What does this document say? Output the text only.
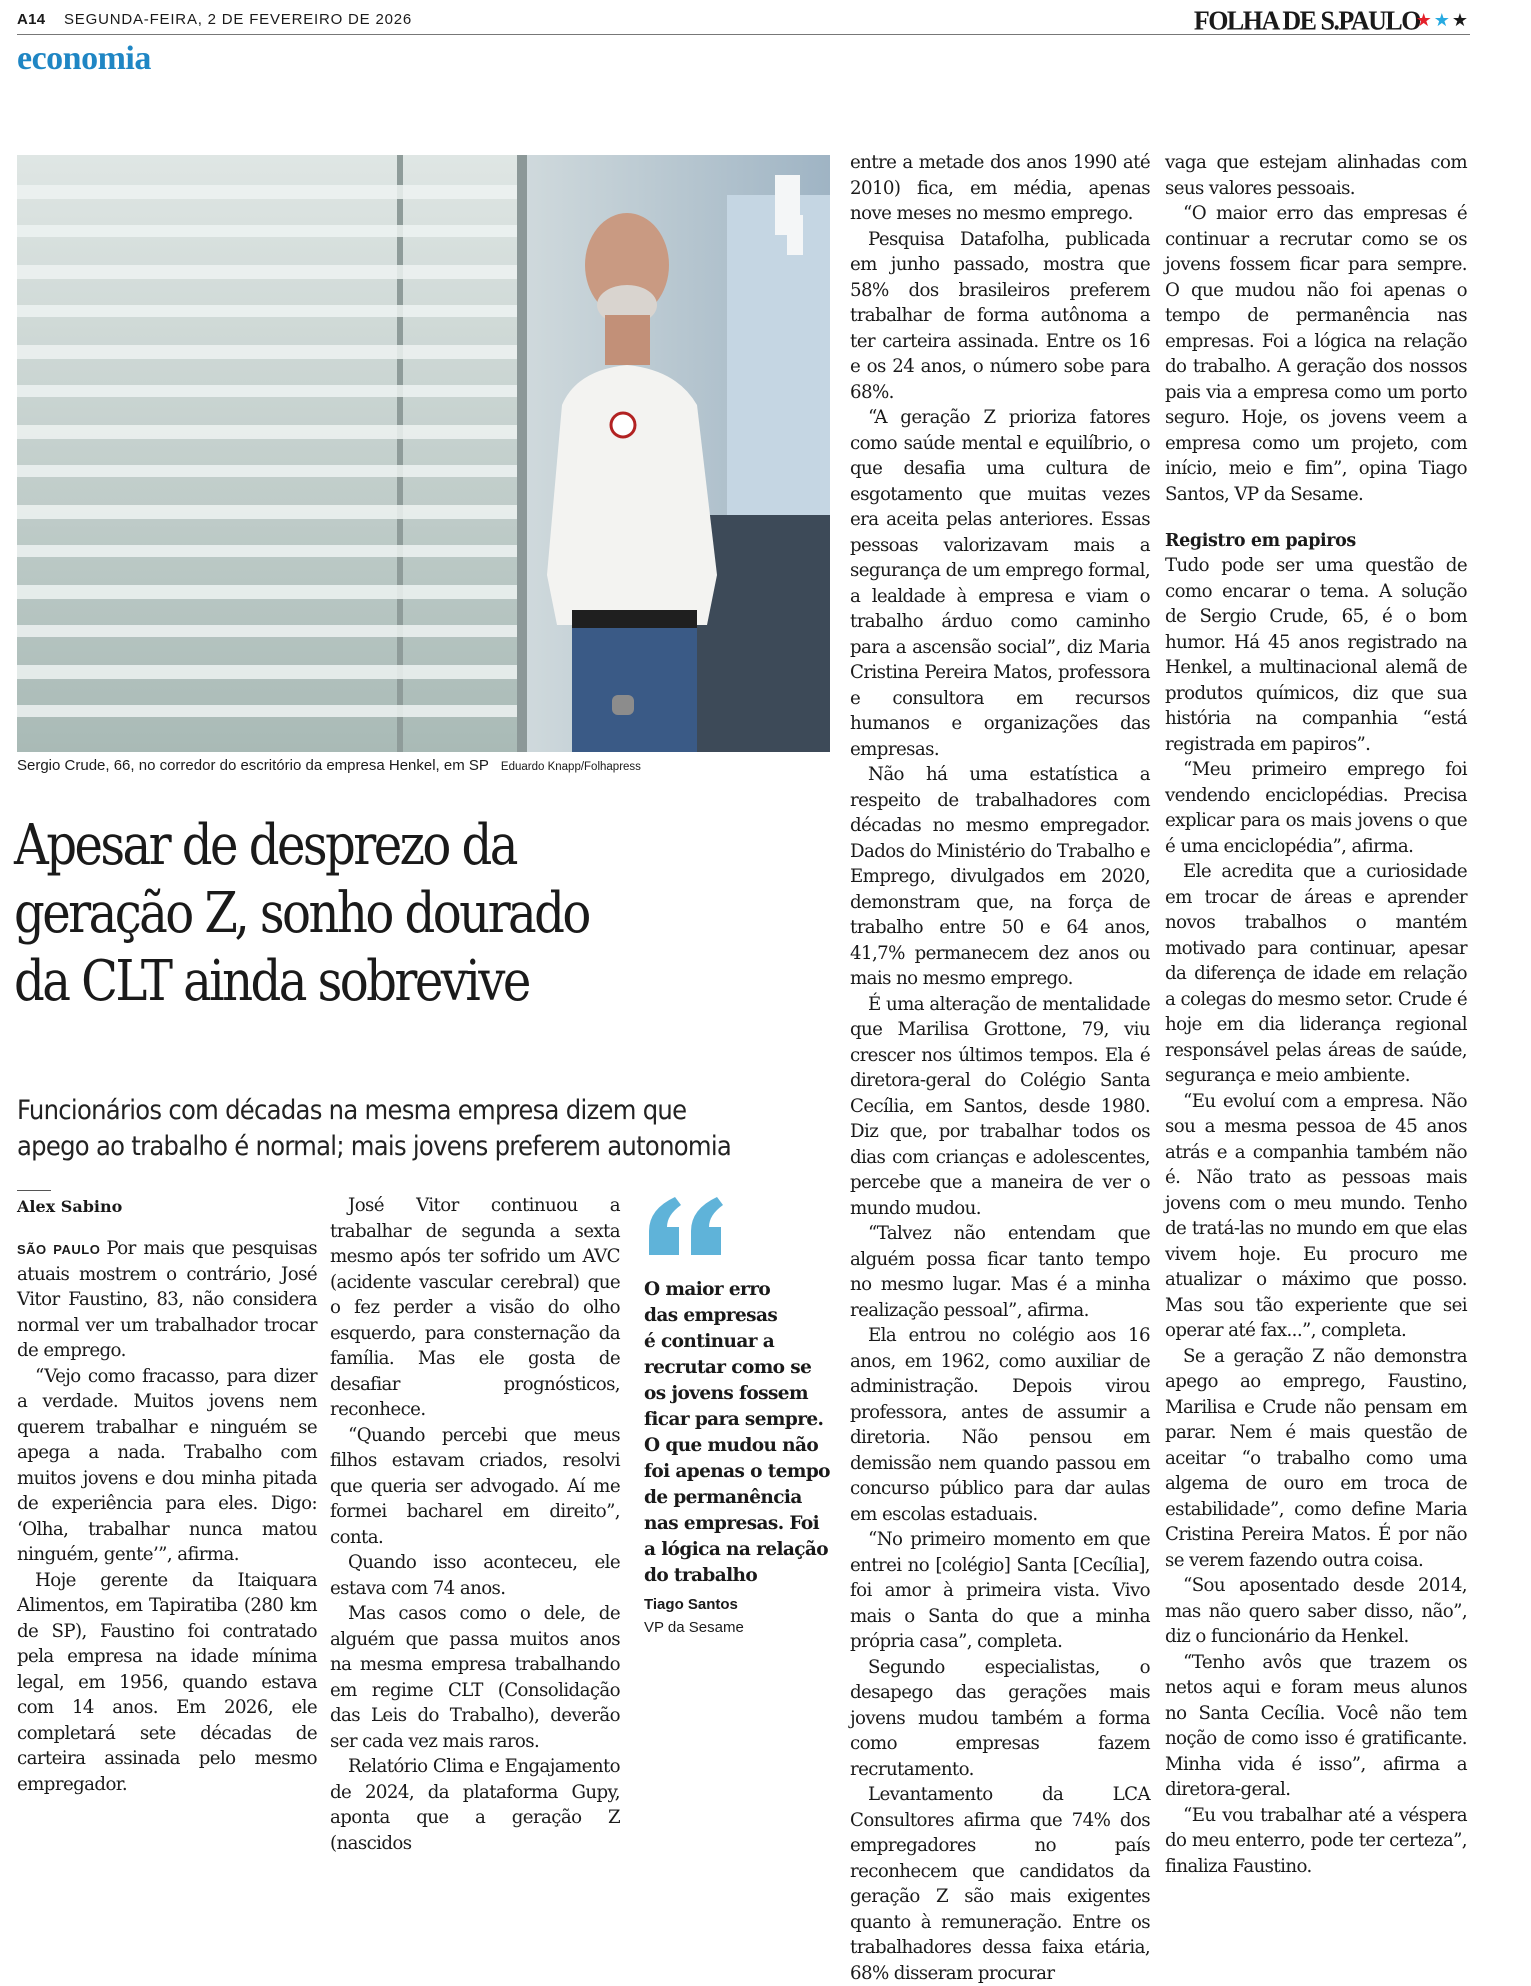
A14 SEGUNDA-FEIRA, 2 DE FEVEREIRO DE 2026	FOLHA DE S.PAULO
★★★
economia
Sergio Crude, 66, no corredor do escritório da empresa Henkel, em SP Eduardo Knapp/Folhapress
Apesar de desprezo da
geração Z, sonho dourado
da CLT ainda sobrevive
Funcionários com décadas na mesma empresa dizem que
apego ao trabalho é normal; mais jovens preferem autonomia
Alex Sabino

SÃO PAULO Por mais que pesquisas atuais mostrem o contrário, José Vitor Faustino, 83, não considera normal ver um trabalhador trocar de emprego.

“Vejo como fracasso, para dizer a verdade. Muitos jovens nem querem trabalhar e ninguém se apega a nada. Trabalho com muitos jovens e dou minha pitada de experiência para eles. Digo: ‘Olha, trabalhar nunca matou ninguém, gente’”, afirma.

Hoje gerente da Itaiquara Alimentos, em Tapiratiba (280 km de SP), Faustino foi contratado pela empresa na idade mínima legal, em 1956, quando estava com 14 anos. Em 2026, ele completará sete décadas de carteira assinada pelo mesmo empregador.

José Vitor continuou a trabalhar de segunda a sexta mesmo após ter sofrido um AVC (acidente vascular cerebral) que o fez perder a visão do olho esquerdo, para consternação da família. Mas ele gosta de desafiar prognósticos, reconhece.

“Quando percebi que meus filhos estavam criados, resolvi que queria ser advogado. Aí me formei bacharel em direito”, conta.

Quando isso aconteceu, ele estava com 74 anos.

Mas casos como o dele, de alguém que passa muitos anos na mesma empresa trabalhando em regime CLT (Consolidação das Leis do Trabalho), deverão ser cada vez mais raros.

Relatório Clima e Engajamento de 2024, da plataforma Gupy, aponta que a geração Z (nascidos

O maior erro
das empresas
é continuar a
recrutar como se
os jovens fossem
ficar para sempre.
O que mudou não
foi apenas o tempo
de permanência
nas empresas. Foi
a lógica na relação
do trabalho
Tiago Santos
VP da Sesame

entre a metade dos anos 1990 até 2010) fica, em média, apenas nove meses no mesmo emprego.

Pesquisa Datafolha, publicada em junho passado, mostra que 58% dos brasileiros preferem trabalhar de forma autônoma a ter carteira assinada. Entre os 16 e os 24 anos, o número sobe para 68%.

“A geração Z prioriza fatores como saúde mental e equilíbrio, o que desafia uma cultura de esgotamento que muitas vezes era aceita pelas anteriores. Essas pessoas valorizavam mais a segurança de um emprego formal, a lealdade à empresa e viam o trabalho árduo como caminho para a ascensão social”, diz Maria Cristina Pereira Matos, professora e consultora em recursos humanos e organizações das empresas.

Não há uma estatística a respeito de trabalhadores com décadas no mesmo empregador. Dados do Ministério do Trabalho e Emprego, divulgados em 2020, demonstram que, na força de trabalho entre 50 e 64 anos, 41,7% permanecem dez anos ou mais no mesmo emprego.

É uma alteração de mentalidade que Marilisa Grottone, 79, viu crescer nos últimos tempos. Ela é diretora-geral do Colégio Santa Cecília, em Santos, desde 1980. Diz que, por trabalhar todos os dias com crianças e adolescentes, percebe que a maneira de ver o mundo mudou.

“Talvez não entendam que alguém possa ficar tanto tempo no mesmo lugar. Mas é a minha realização pessoal”, afirma.

Ela entrou no colégio aos 16 anos, em 1962, como auxiliar de administração. Depois virou professora, antes de assumir a diretoria. Não pensou em demissão nem quando passou em concurso público para dar aulas em escolas estaduais.

“No primeiro momento em que entrei no [colégio] Santa [Cecília], foi amor à primeira vista. Vivo mais o Santa do que a minha própria casa”, completa.

Segundo especialistas, o desapego das gerações mais jovens mudou também a forma como empresas fazem recrutamento.

Levantamento da LCA Consultores afirma que 74% dos empregadores no país reconhecem que candidatos da geração Z são mais exigentes quanto à remuneração. Entre os trabalhadores dessa faixa etária, 68% disseram procurar

vaga que estejam alinhadas com seus valores pessoais.

“O maior erro das empresas é continuar a recrutar como se os jovens fossem ficar para sempre. O que mudou não foi apenas o tempo de permanência nas empresas. Foi a lógica na relação do trabalho. A geração dos nossos pais via a empresa como um porto seguro. Hoje, os jovens veem a empresa como um projeto, com início, meio e fim”, opina Tiago Santos, VP da Sesame.

Registro em papiros

Tudo pode ser uma questão de como encarar o tema. A solução de Sergio Crude, 65, é o bom humor. Há 45 anos registrado na Henkel, a multinacional alemã de produtos químicos, diz que sua história na companhia “está registrada em papiros”.

“Meu primeiro emprego foi vendendo enciclopédias. Precisa explicar para os mais jovens o que é uma enciclopédia”, afirma.

Ele acredita que a curiosidade em trocar de áreas e aprender novos trabalhos o mantém motivado para continuar, apesar da diferença de idade em relação a colegas do mesmo setor. Crude é hoje em dia liderança regional responsável pelas áreas de saúde, segurança e meio ambiente.

“Eu evoluí com a empresa. Não sou a mesma pessoa de 45 anos atrás e a companhia também não é. Não trato as pessoas mais jovens com o meu mundo. Tenho de tratá-las no mundo em que elas vivem hoje. Eu procuro me atualizar o máximo que posso. Mas sou tão experiente que sei operar até fax...”, completa.

Se a geração Z não demonstra apego ao emprego, Faustino, Marilisa e Crude não pensam em parar. Nem é mais questão de aceitar “o trabalho como uma algema de ouro em troca de estabilidade”, como define Maria Cristina Pereira Matos. É por não se verem fazendo outra coisa.

“Sou aposentado desde 2014, mas não quero saber disso, não”, diz o funcionário da Henkel.

“Tenho avôs que trazem os netos aqui e foram meus alunos no Santa Cecília. Você não tem noção de como isso é gratificante. Minha vida é isso”, afirma a diretora-geral.

“Eu vou trabalhar até a véspera do meu enterro, pode ter certeza”, finaliza Faustino.
